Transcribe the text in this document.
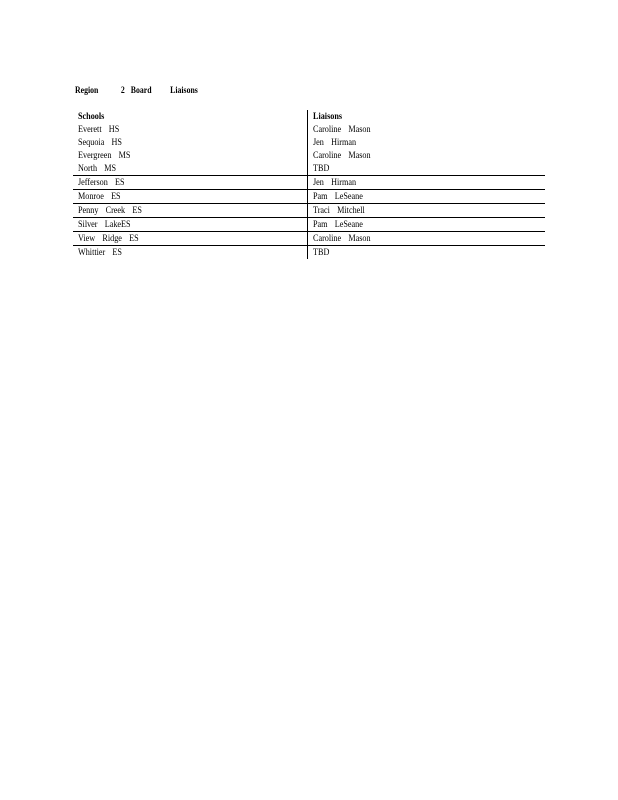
Region 2 Board Liaisons
Schools	Liaisons
Everett HS	Caroline Mason
Sequoia HS	Jen Hirman
Evergreen MS	Caroline Mason
North MS	TBD
Jefferson ES	Jen Hirman
Monroe ES	Pam LeSeane
Penny Creek ES	Traci Mitchell
Silver LakeES	Pam LeSeane
View Ridge ES	Caroline Mason
Whittier ES	TBD
